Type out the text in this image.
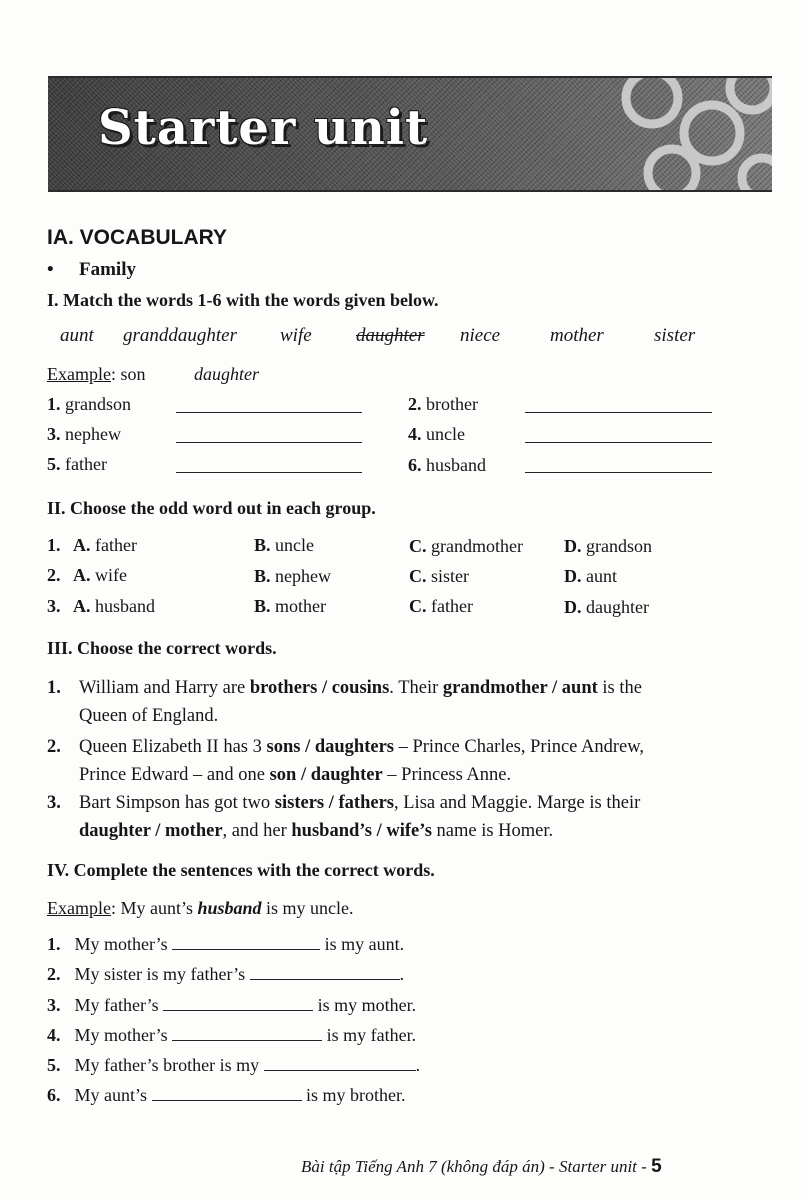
Starter unit
IA. VOCABULARY
• Family
I. Match the words 1-6 with the words given below.
aunt granddaughter wife daughter niece	mother	sister
Example: son	daughter
1. grandson	2. brother
3. nephew	4. uncle
5. father	6. husband
II. Choose the odd word out in each group.
1. A. father	B. uncle	C. grandmother D. grandson
2. A. wife	B. nephew	C. sister	D. aunt
3. A. husband	B. mother	C. father	D. daughter
III. Choose the correct words.
1. William and Harry are brothers / cousins. Their grandmother / aunt is the
Queen of England.
2. Queen Elizabeth II has 3 sons / daughters – Prince Charles, Prince Andrew,
Prince Edward – and one son / daughter – Princess Anne.
3. Bart Simpson has got two sisters / fathers, Lisa and Maggie. Marge is their
daughter / mother, and her husband’s / wife’s name is Homer.
IV. Complete the sentences with the correct words.
Example: My aunt’s husband is my uncle.
1. My mother’s	is my aunt.
2. My sister is my father’s	.
3. My father’s	is my mother.
4. My mother’s	is my father.
5. My father’s brother is my	.
6. My aunt’s	is my brother.
Bài tập Tiếng Anh 7 (không đáp án) - Starter unit - 5
